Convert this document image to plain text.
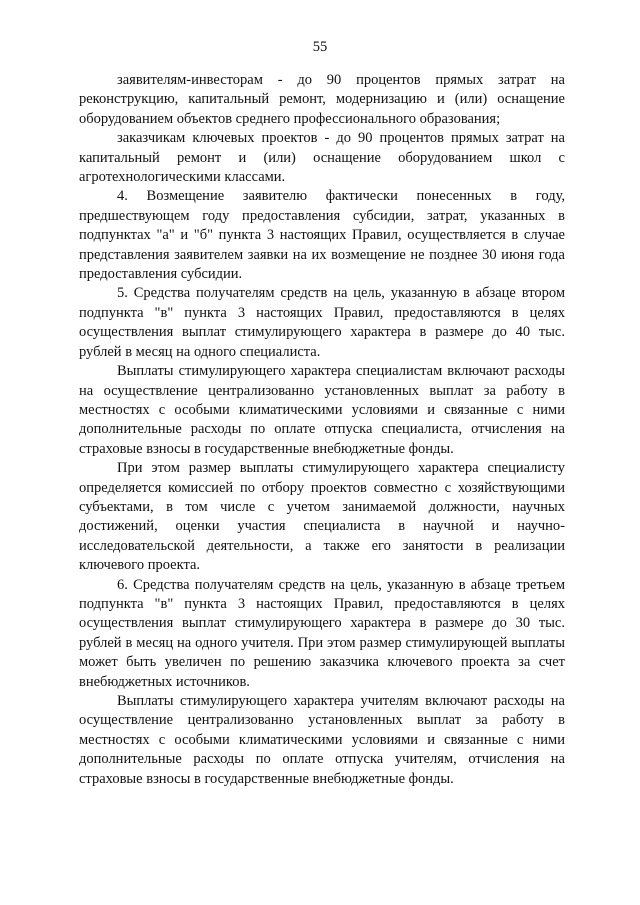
55

заявителям-инвесторам - до 90 процентов прямых затрат на реконструкцию, капитальный ремонт, модернизацию и (или) оснащение оборудованием объектов среднего профессионального образования;

заказчикам ключевых проектов - до 90 процентов прямых затрат на капитальный ремонт и (или) оснащение оборудованием школ с агротехнологическими классами.

4. Возмещение заявителю фактически понесенных в году, предшествующем году предоставления субсидии, затрат, указанных в подпунктах "а" и "б" пункта 3 настоящих Правил, осуществляется в случае представления заявителем заявки на их возмещение не позднее 30 июня года предоставления субсидии.

5. Средства получателям средств на цель, указанную в абзаце втором подпункта "в" пункта 3 настоящих Правил, предоставляются в целях осуществления выплат стимулирующего характера в размере до 40 тыс. рублей в месяц на одного специалиста.

Выплаты стимулирующего характера специалистам включают расходы на осуществление централизованно установленных выплат за работу в местностях с особыми климатическими условиями и связанные с ними дополнительные расходы по оплате отпуска специалиста, отчисления на страховые взносы в государственные внебюджетные фонды.

При этом размер выплаты стимулирующего характера специалисту определяется комиссией по отбору проектов совместно с хозяйствующими субъектами, в том числе с учетом занимаемой должности, научных достижений, оценки участия специалиста в научной и научно-исследовательской деятельности, а также его занятости в реализации ключевого проекта.

6. Средства получателям средств на цель, указанную в абзаце третьем подпункта "в" пункта 3 настоящих Правил, предоставляются в целях осуществления выплат стимулирующего характера в размере до 30 тыс. рублей в месяц на одного учителя. При этом размер стимулирующей выплаты может быть увеличен по решению заказчика ключевого проекта за счет внебюджетных источников.

Выплаты стимулирующего характера учителям включают расходы на осуществление централизованно установленных выплат за работу в местностях с особыми климатическими условиями и связанные с ними дополнительные расходы по оплате отпуска учителям, отчисления на страховые взносы в государственные внебюджетные фонды.
